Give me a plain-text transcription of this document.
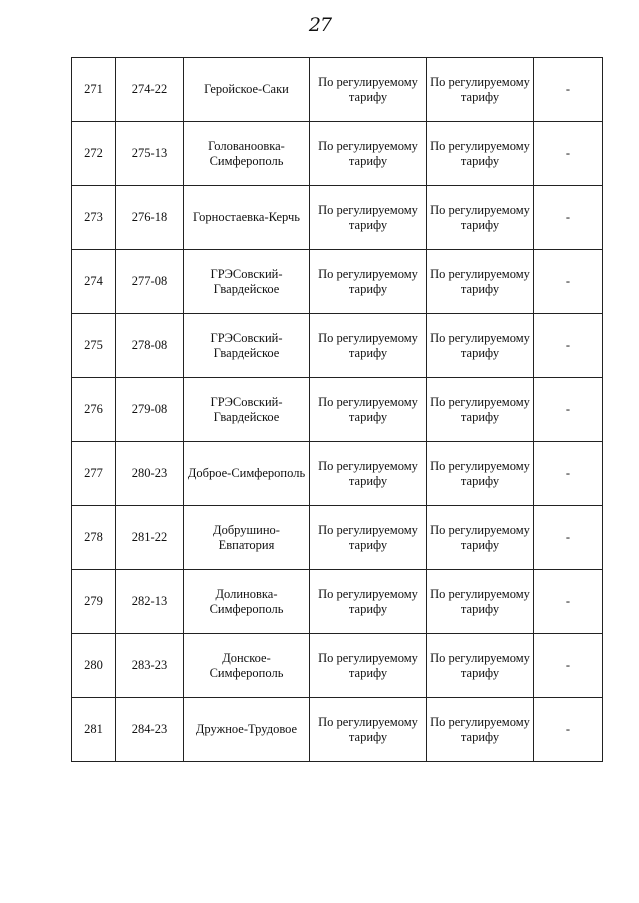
27
271	274-22	Геройское-Саки	По регулируемому тарифу	По регулируемому тарифу	-
272	275-13	Голованоовка-Симферополь	По регулируемому тарифу	По регулируемому тарифу	-
273	276-18	Горностаевка-Керчь	По регулируемому тарифу	По регулируемому тарифу	-
274	277-08	ГРЭСовский-Гвардейское	По регулируемому тарифу	По регулируемому тарифу	-
275	278-08	ГРЭСовский-Гвардейское	По регулируемому тарифу	По регулируемому тарифу	-
276	279-08	ГРЭСовский-Гвардейское	По регулируемому тарифу	По регулируемому тарифу	-
277	280-23	Доброе-Симферополь	По регулируемому тарифу	По регулируемому тарифу	-
278	281-22	Добрушино-Евпатория	По регулируемому тарифу	По регулируемому тарифу	-
279	282-13	Долиновка-Симферополь	По регулируемому тарифу	По регулируемому тарифу	-
280	283-23	Донское-Симферополь	По регулируемому тарифу	По регулируемому тарифу	-
281	284-23	Дружное-Трудовое	По регулируемому тарифу	По регулируемому тарифу	-
